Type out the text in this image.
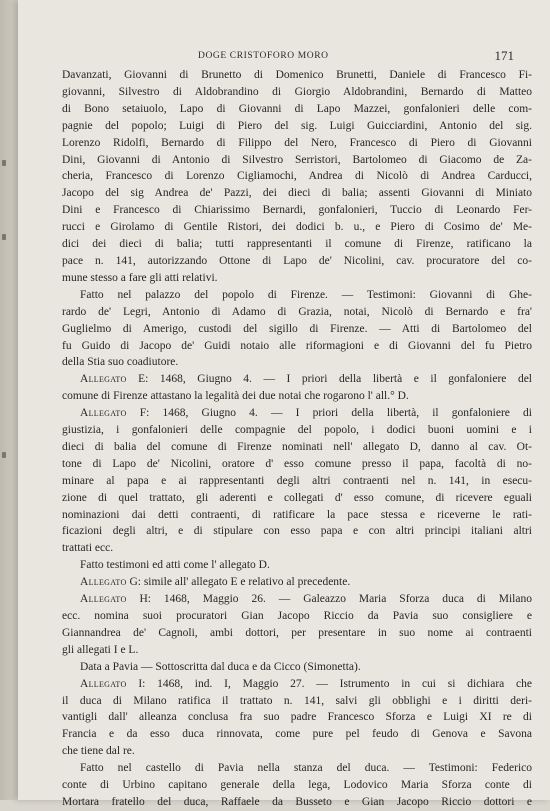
DOGE CRISTOFORO MORO	171
Davanzati, Giovanni di Brunetto di Domenico Brunetti, Daniele di Francesco Fi-
giovanni, Silvestro di Aldobrandino di Giorgio Aldobrandini, Bernardo di Matteo
di Bono setaiuolo, Lapo di Giovanni di Lapo Mazzei, gonfalonieri delle com-
pagnie del popolo; Luigi di Piero del sig. Luigi Guicciardini, Antonio del sig.
Lorenzo Ridolfi, Bernardo di Filippo del Nero, Francesco di Piero di Giovanni
Dini, Giovanni di Antonio di Silvestro Serristori, Bartolomeo di Giacomo de Za-
cheria, Francesco di Lorenzo Cigliamochi, Andrea di Nicolò di Andrea Carducci,
Jacopo del sig Andrea de' Pazzi, dei dieci di balia; assenti Giovanni di Miniato
Dini e Francesco di Chiarissimo Bernardi, gonfalonieri, Tuccio di Leonardo Fer-
rucci e Girolamo di Gentile Ristori, dei dodici b. u., e Piero di Cosimo de' Me-
dici dei dieci di balia; tutti rappresentanti il comune di Firenze, ratificano la
pace n. 141, autorizzando Ottone di Lapo de' Nicolini, cav. procuratore del co-
mune stesso a fare gli atti relativi.
Fatto nel palazzo del popolo di Firenze. — Testimoni: Giovanni di Ghe-
rardo de' Legri, Antonio di Adamo di Grazia, notai, Nicolò di Bernardo e fra'
Guglielmo di Amerigo, custodi del sigillo di Firenze. — Atti di Bartolomeo del
fu Guido di Jacopo de' Guidi notaio alle riformagioni e di Giovanni del fu Pietro
della Stia suo coadiutore.
Allegato E: 1468, Giugno 4. — I priori della libertà e il gonfaloniere del
comune di Firenze attastano la legalità dei due notai che rogarono l' all.° D.
Allegato F: 1468, Giugno 4. — I priori della libertà, il gonfaloniere di
giustizia, i gonfalonieri delle compagnie del popolo, i dodici buoni uomini e i
dieci di balia del comune di Firenze nominati nell' allegato D, danno al cav. Ot-
tone di Lapo de' Nicolini, oratore d' esso comune presso il papa, facoltà di no-
minare al papa e ai rappresentanti degli altri contraenti nel n. 141, in esecu-
zione di quel trattato, gli aderenti e collegati d' esso comune, di ricevere eguali
nominazioni dai detti contraenti, di ratificare la pace stessa e riceverne le rati-
ficazioni degli altri, e di stipulare con esso papa e con altri principi italiani altri
trattati ecc.
Fatto testimoni ed atti come l' allegato D.
Allegato G: simile all' allegato E e relativo al precedente.
Allegato H: 1468, Maggio 26. — Galeazzo Maria Sforza duca di Milano
ecc. nomina suoi procuratori Gian Jacopo Riccio da Pavia suo consigliere e
Giannandrea de' Cagnoli, ambi dottori, per presentare in suo nome ai contraenti
gli allegati I e L.
Data a Pavia — Sottoscritta dal duca e da Cicco (Simonetta).
Allegato I: 1468, ind. I, Maggio 27. — Istrumento in cui si dichiara che
il duca di Milano ratifica il trattato n. 141, salvi gli obblighi e i diritti deri-
vantigli dall' alleanza conclusa fra suo padre Francesco Sforza e Luigi XI re di
Francia e da esso duca rinnovata, come pure pel feudo di Genova e Savona
che tiene dal re.
Fatto nel castello di Pavia nella stanza del duca. — Testimoni: Federico
conte di Urbino capitano generale della lega, Lodovico Maria Sforza conte di
Mortara fratello del duca, Raffaele da Busseto e Gian Jacopo Riccio dottori e
